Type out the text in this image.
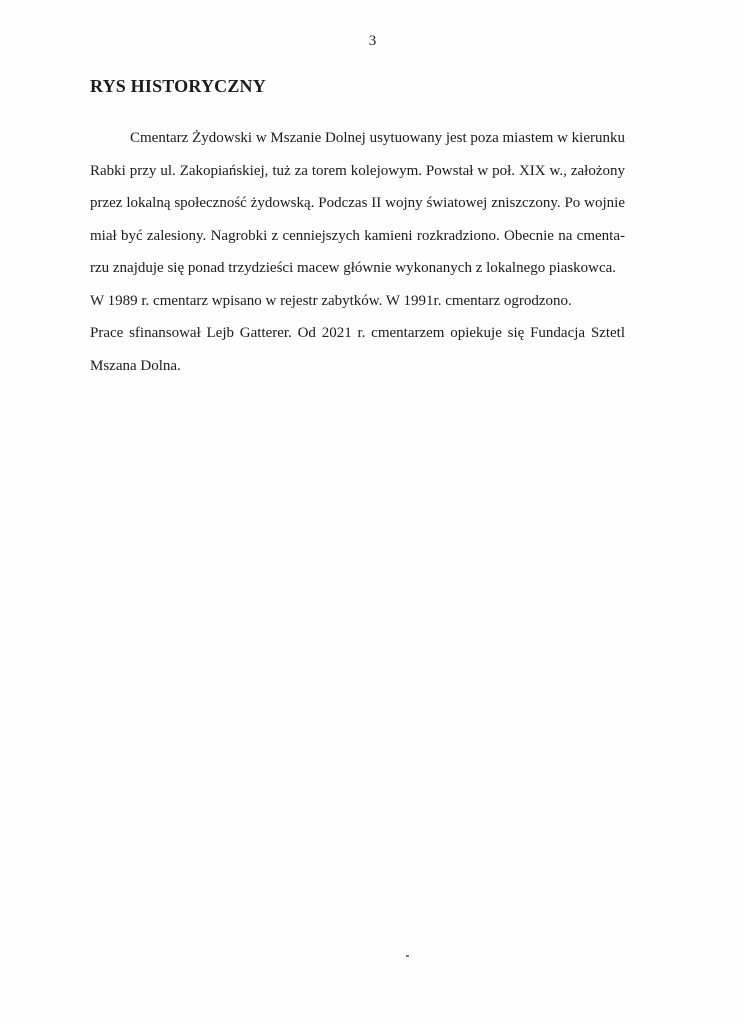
3
RYS HISTORYCZNY
Cmentarz Żydowski w Mszanie Dolnej usytuowany jest poza miastem w kierunku
Rabki przy ul. Zakopiańskiej, tuż za torem kolejowym. Powstał w poł. XIX w., założony
przez lokalną społeczność żydowską. Podczas II wojny światowej zniszczony. Po wojnie
miał być zalesiony. Nagrobki z cenniejszych kamieni rozkradziono. Obecnie na cmenta-
rzu znajduje się ponad trzydzieści macew głównie wykonanych z lokalnego piaskowca.
W 1989 r. cmentarz wpisano w rejestr zabytków. W 1991r. cmentarz ogrodzono.
Prace sfinansował Lejb Gatterer. Od 2021 r. cmentarzem opiekuje się Fundacja Sztetl
Mszana Dolna.
